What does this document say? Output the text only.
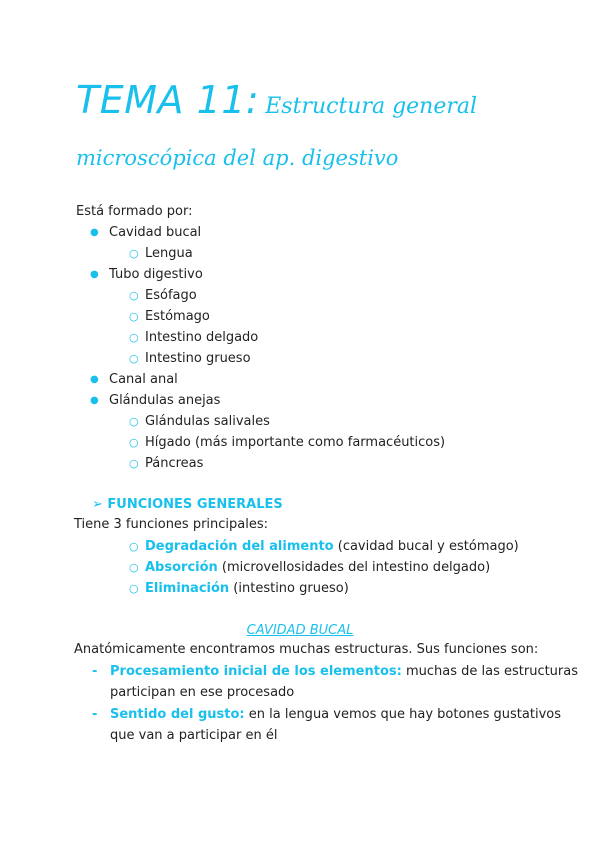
TEMA 11: Estructura general
microscópica del ap. digestivo
Está formado por:
● Cavidad bucal
○ Lengua
● Tubo digestivo
○ Esófago
○ Estómago
○ Intestino delgado
○ Intestino grueso
● Canal anal
● Glándulas anejas
○ Glándulas salivales
○ Hígado (más importante como farmacéuticos)
○ Páncreas
➢ FUNCIONES GENERALES
Tiene 3 funciones principales:
○ Degradación del alimento (cavidad bucal y estómago)
○ Absorción (microvellosidades del intestino delgado)
○ Eliminación (intestino grueso)
CAVIDAD BUCAL
Anatómicamente encontramos muchas estructuras. Sus funciones son:
- Procesamiento inicial de los elementos: muchas de las estructuras
participan en ese procesado
- Sentido del gusto: en la lengua vemos que hay botones gustativos
que van a participar en él
